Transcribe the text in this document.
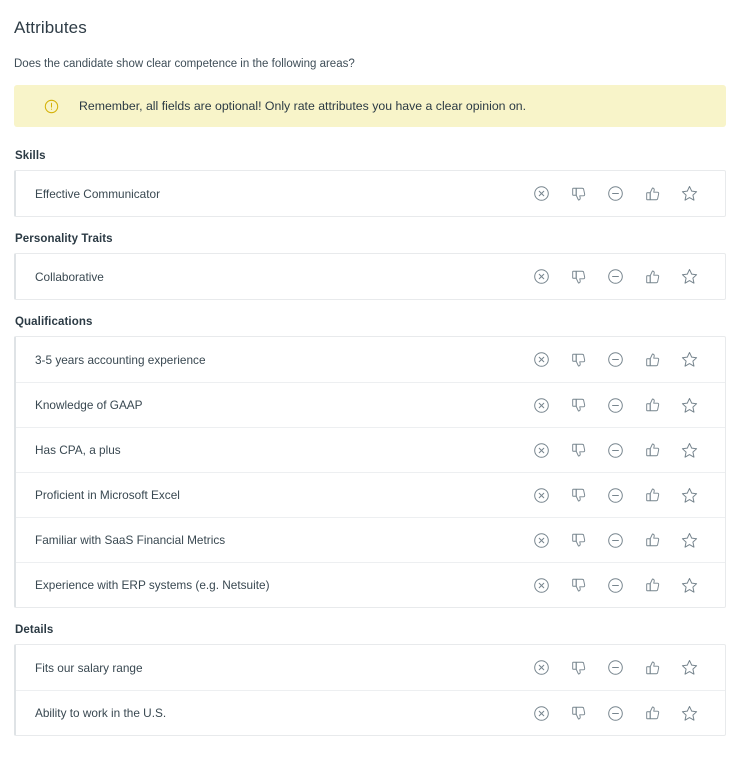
Attributes

Does the candidate show clear competence in the following areas?

Remember, all fields are optional! Only rate attributes you have a clear opinion on.
Skills
Effective Communicator
Personality Traits
Collaborative
Qualifications
3-5 years accounting experience
Knowledge of GAAP
Has CPA, a plus
Proficient in Microsoft Excel
Familiar with SaaS Financial Metrics
Experience with ERP systems (e.g. Netsuite)
Details
Fits our salary range
Ability to work in the U.S.
